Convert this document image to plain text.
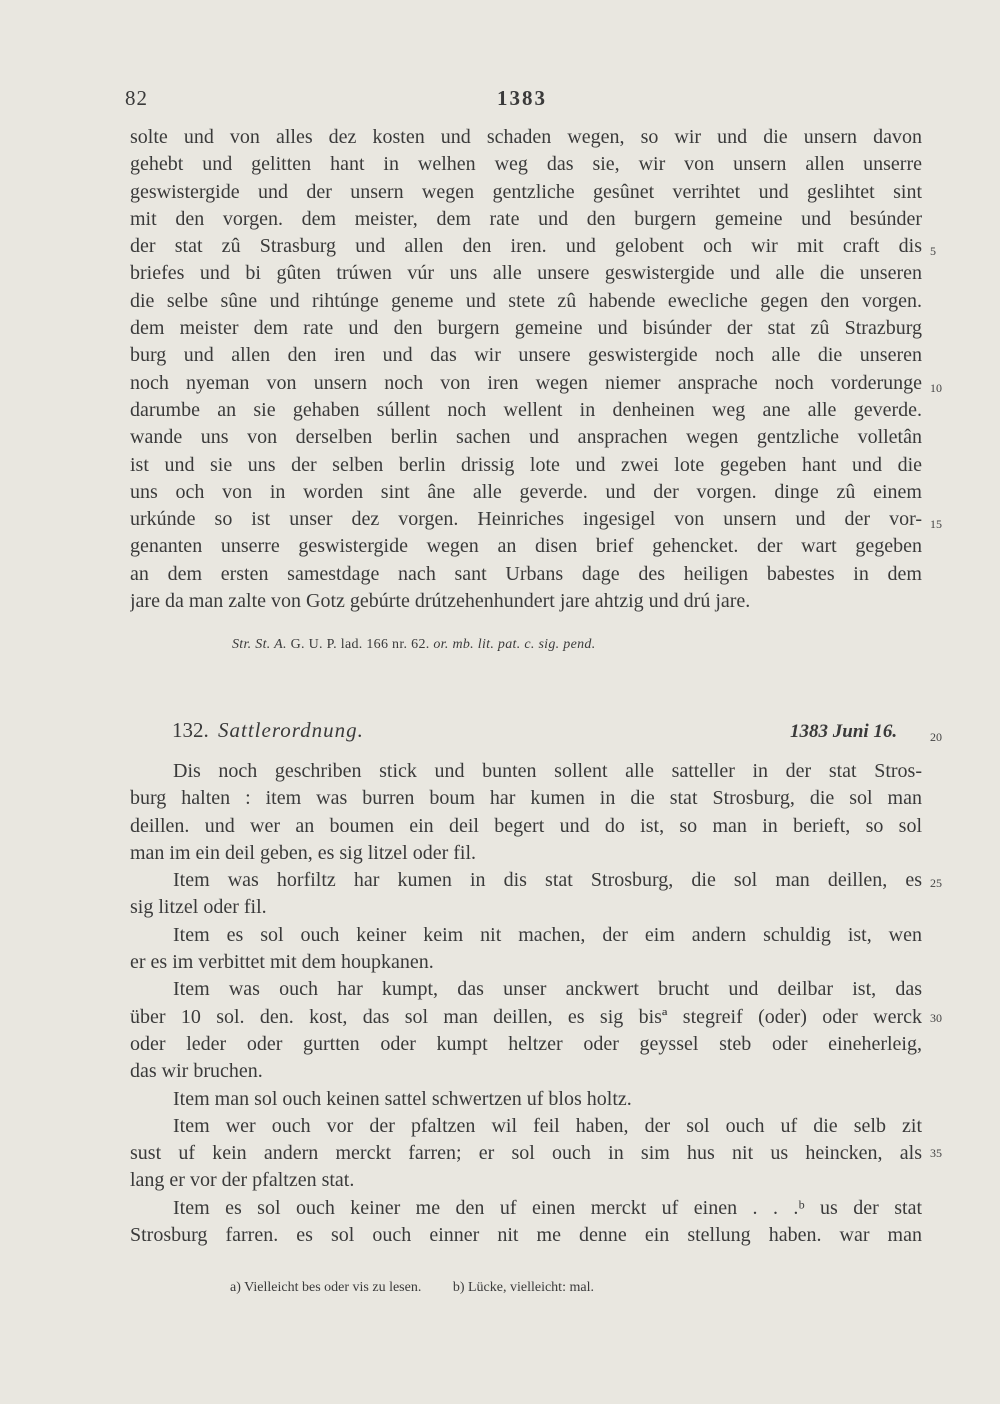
82	1383
solte und von alles dez kosten und schaden wegen, so wir und die unsern davon
gehebt und gelitten hant in welhen weg das sie, wir von unsern allen unserre
geswistergide und der unsern wegen gentzliche gesûnet verrihtet und geslihtet sint
mit den vorgen. dem meister, dem rate und den burgern gemeine und besúnder
der stat zû Strasburg und allen den iren. und gelobent och wir mit craft dis
briefes und bi gûten trúwen vúr uns alle unsere geswistergide und alle die unseren
die selbe sûne und rihtúnge geneme und stete zû habende ewecliche gegen den vorgen.
dem meister dem rate und den burgern gemeine und bisúnder der stat zû Strazburg
burg und allen den iren und das wir unsere geswistergide noch alle die unseren
noch nyeman von unsern noch von iren wegen niemer ansprache noch vorderunge
darumbe an sie gehaben súllent noch wellent in denheinen weg ane alle geverde.
wande uns von derselben berlin sachen und ansprachen wegen gentzliche volletân
ist und sie uns der selben berlin drissig lote und zwei lote gegeben hant und die
uns och von in worden sint âne alle geverde. und der vorgen. dinge zû einem
urkúnde so ist unser dez vorgen. Heinriches ingesigel von unsern und der vor-
genanten unserre geswistergide wegen an disen brief gehencket. der wart gegeben
an dem ersten samestdage nach sant Urbans dage des heiligen babestes in dem
jare da man zalte von Gotz gebúrte drútzehenhundert jare ahtzig und drú jare.
5
10
15
Str. St. A. G. U. P. lad. 166 nr. 62. or. mb. lit. pat. c. sig. pend.
132. Sattlerordnung.	1383 Juni 16.	20
Dis noch geschriben stick und bunten sollent alle satteller in der stat Stros-
burg halten : item was burren boum har kumen in die stat Strosburg, die sol man
deillen. und wer an boumen ein deil begert und do ist, so man in berieft, so sol
man im ein deil geben, es sig litzel oder fil.
Item was horfiltz har kumen in dis stat Strosburg, die sol man deillen, es
sig litzel oder fil.
Item es sol ouch keiner keim nit machen, der eim andern schuldig ist, wen
er es im verbittet mit dem houpkanen.
Item was ouch har kumpt, das unser anckwert brucht und deilbar ist, das
über 10 sol. den. kost, das sol man deillen, es sig bisª stegreif (oder) oder werck
oder leder oder gurtten oder kumpt heltzer oder geyssel steb oder eineherleig,
das wir bruchen.
Item man sol ouch keinen sattel schwertzen uf blos holtz.
Item wer ouch vor der pfaltzen wil feil haben, der sol ouch uf die selb zit
sust uf kein andern merckt farren; er sol ouch in sim hus nit us heincken, als
lang er vor der pfaltzen stat.
Item es sol ouch keiner me den uf einen merckt uf einen . . .ᵇ us der stat
Strosburg farren. es sol ouch einner nit me denne ein stellung haben. war man
25
30
35
a) Vielleicht bes oder vis zu lesen. b) Lücke, vielleicht: mal.
